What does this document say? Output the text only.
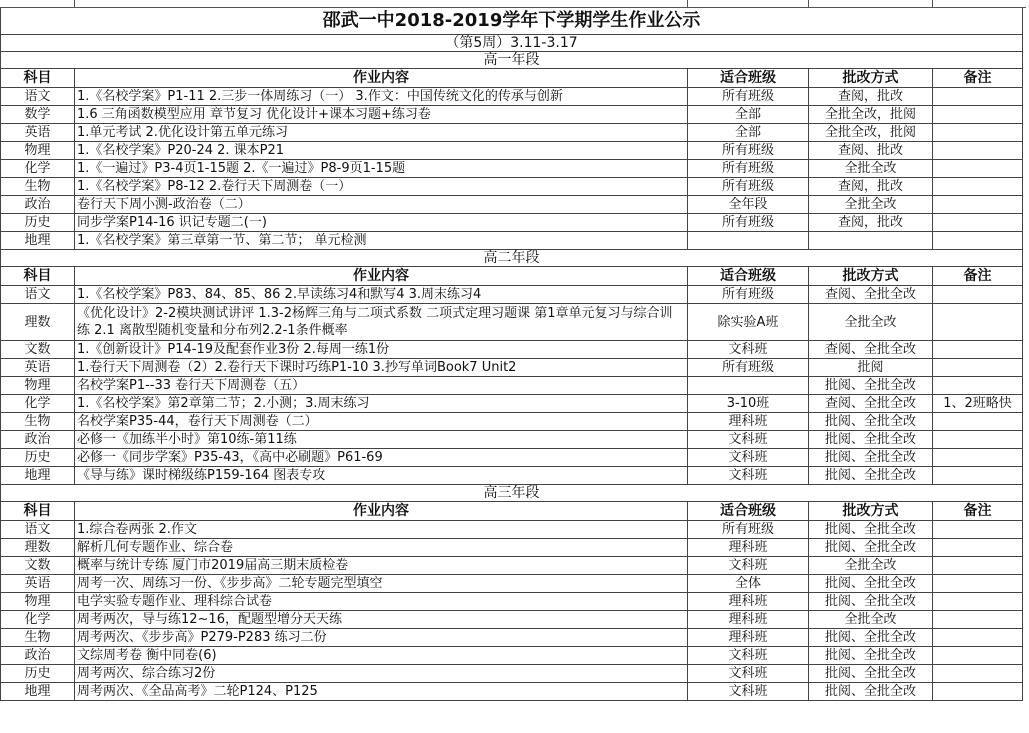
邵武一中2018-2019学年下学期学生作业公示				
（第5周）3.11-3.17				
高一年段				
科目	作业内容	适合班级	批改方式	备注
语文	1.《名校学案》P1-11 2.三步一体周练习（一） 3.作文：中国传统文化的传承与创新	所有班级	查阅，批改	
数学	1.6 三角函数模型应用 章节复习 优化设计+课本习题+练习卷	全部	全批全改，批阅	
英语	1.单元考试 2.优化设计第五单元练习	全部	全批全改，批阅	
物理	1.《名校学案》P20-24 2. 课本P21	所有班级	查阅、批改	
化学	1.《一遍过》P3-4页1-15题 2.《一遍过》P8-9页1-15题	所有班级	全批全改	
生物	1.《名校学案》P8-12 2.卷行天下周测卷（一）	所有班级	查阅，批改	
政治	卷行天下周小测-政治卷（二）	全年段	全批全改	
历史	同步学案P14-16 识记专题二(一)	所有班级	查阅，批改	
地理	1.《名校学案》第三章第一节、第二节； 单元检测			
高二年段				
科目	作业内容	适合班级	批改方式	备注
语文	1.《名校学案》P83、84、85、86 2.早读练习4和默写4 3.周末练习4	所有班级	查阅、全批全改	
理数	《优化设计》2-2模块测试讲评 1.3-2杨辉三角与二项式系数 二项式定理习题课 第1章单元复习与综合训练 2.1 离散型随机变量和分布列2.2-1条件概率	除实验A班	全批全改	
文数	1.《创新设计》P14-19及配套作业3份 2.每周一练1份	文科班	查阅、全批全改	
英语	1.卷行天下周测卷（2）2.卷行天下课时巧练P1-10 3.抄写单词Book7 Unit2	所有班级	批阅	
物理	名校学案P1--33 卷行天下周测卷（五）		批阅、全批全改	
化学	1.《名校学案》第2章第二节；2.小测；3.周末练习	3-10班	查阅、全批全改	1、2班略快
生物	名校学案P35-44，卷行天下周测卷（二）	理科班	批阅、全批全改	
政治	必修一《加练半小时》第10练-第11练	文科班	批阅、全批全改	
历史	必修一《同步学案》P35-43，《高中必刷题》P61-69	文科班	批阅、全批全改	
地理	《导与练》课时梯级练P159-164 图表专攻	文科班	批阅、全批全改	
高三年段				
科目	作业内容	适合班级	批改方式	备注
语文	1.综合卷两张 2.作文	所有班级	批阅、全批全改	
理数	解析几何专题作业、综合卷	理科班	批阅、全批全改	
文数	概率与统计专练 厦门市2019届高三期末质检卷	文科班	全批全改	
英语	周考一次、周练习一份、《步步高》二轮专题完型填空	全体	批阅、全批全改	
物理	电学实验专题作业、理科综合试卷	理科班	批阅、全批全改	
化学	周考两次，导与练12~16，配题型增分天天练	理科班	全批全改	
生物	周考两次、《步步高》P279-P283 练习二份	理科班	批阅、全批全改	
政治	文综周考卷 衡中同卷(6)	文科班	批阅、全批全改	
历史	周考两次、综合练习2份	文科班	批阅、全批全改	
地理	周考两次、《全品高考》二轮P124、P125	文科班	批阅、全批全改	
